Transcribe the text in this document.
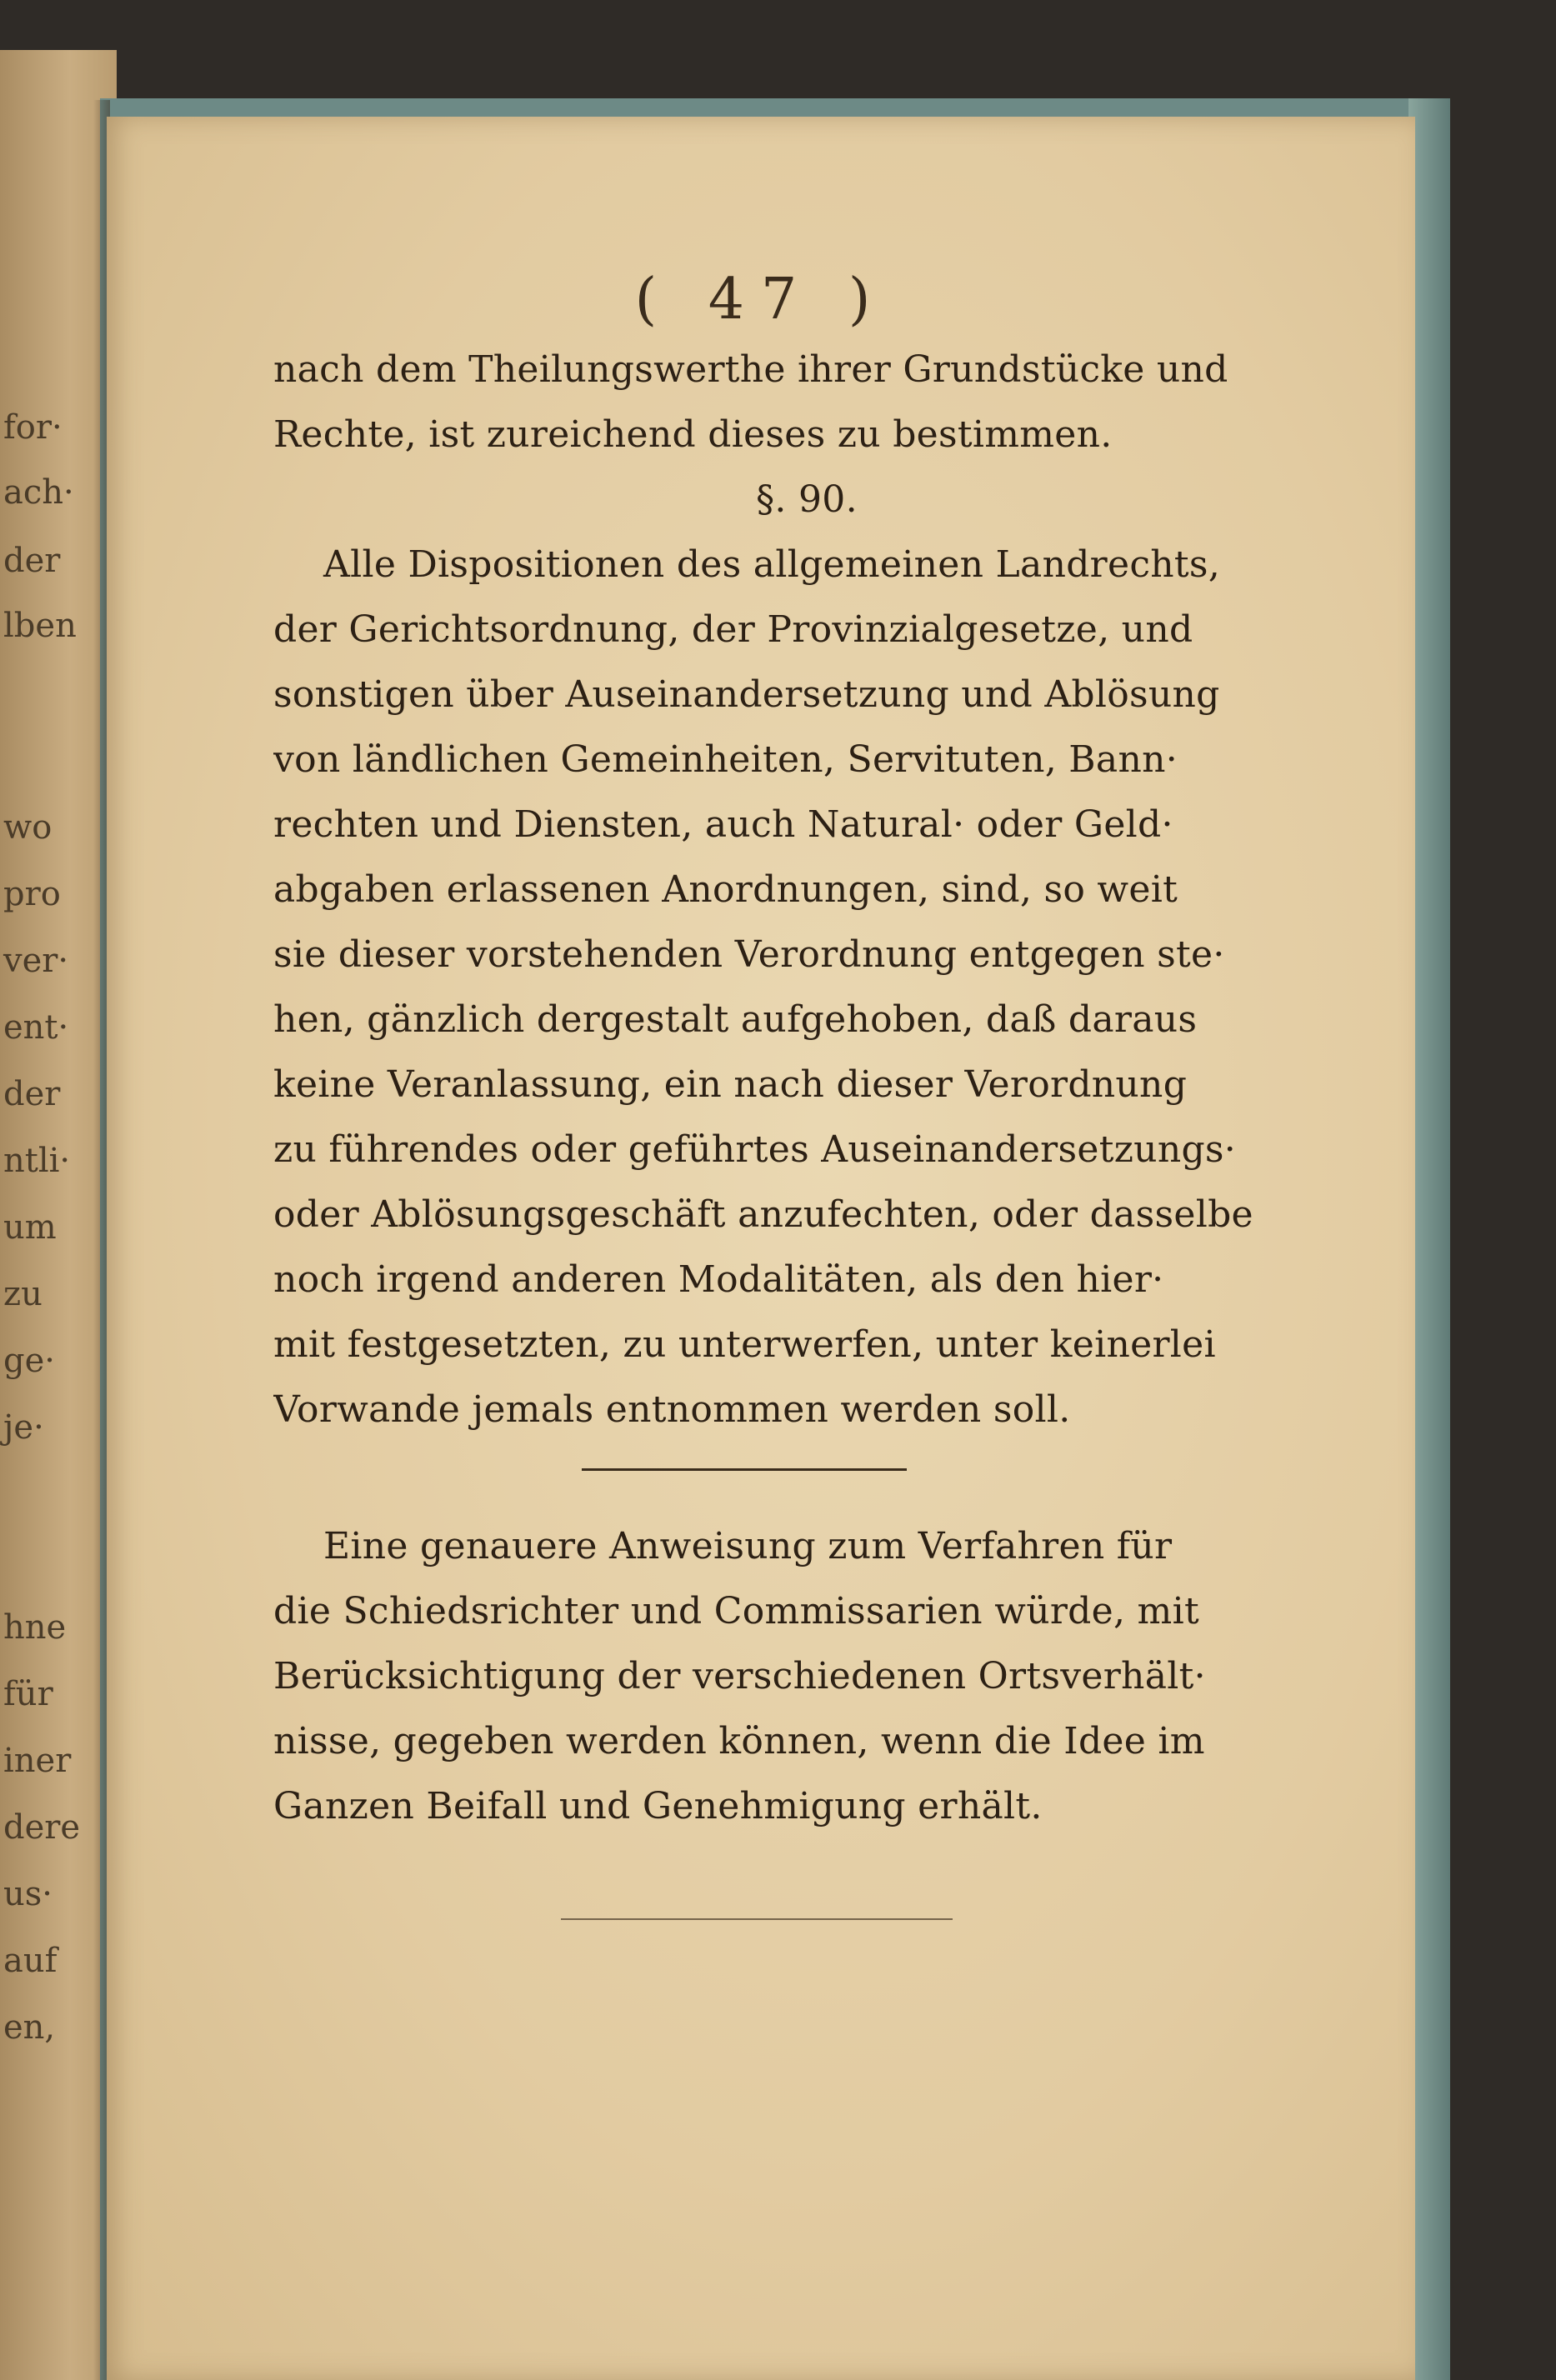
for·
ach·
der
lben
wo
pro
ver·
ent·
der
ntli·
um
zu
ge·
je·
hne
für
iner
dere
us·
auf
en,
( 47 )
nach dem Theilungswerthe ihrer Grundstücke und
Rechte, ist zureichend dieses zu bestimmen.
§. 90.
Alle Dispositionen des allgemeinen Landrechts,
der Gerichtsordnung, der Provinzialgesetze, und
sonstigen über Auseinandersetzung und Ablösung
von ländlichen Gemeinheiten, Servituten, Bann·
rechten und Diensten, auch Natural· oder Geld·
abgaben erlassenen Anordnungen, sind, so weit
sie dieser vorstehenden Verordnung entgegen ste·
hen, gänzlich dergestalt aufgehoben, daß daraus
keine Veranlassung, ein nach dieser Verordnung
zu führendes oder geführtes Auseinandersetzungs·
oder Ablösungsgeschäft anzufechten, oder dasselbe
noch irgend anderen Modalitäten, als den hier·
mit festgesetzten, zu unterwerfen, unter keinerlei
Vorwande jemals entnommen werden soll.
Eine genauere Anweisung zum Verfahren für
die Schiedsrichter und Commissarien würde, mit
Berücksichtigung der verschiedenen Ortsverhält·
nisse, gegeben werden können, wenn die Idee im
Ganzen Beifall und Genehmigung erhält.
